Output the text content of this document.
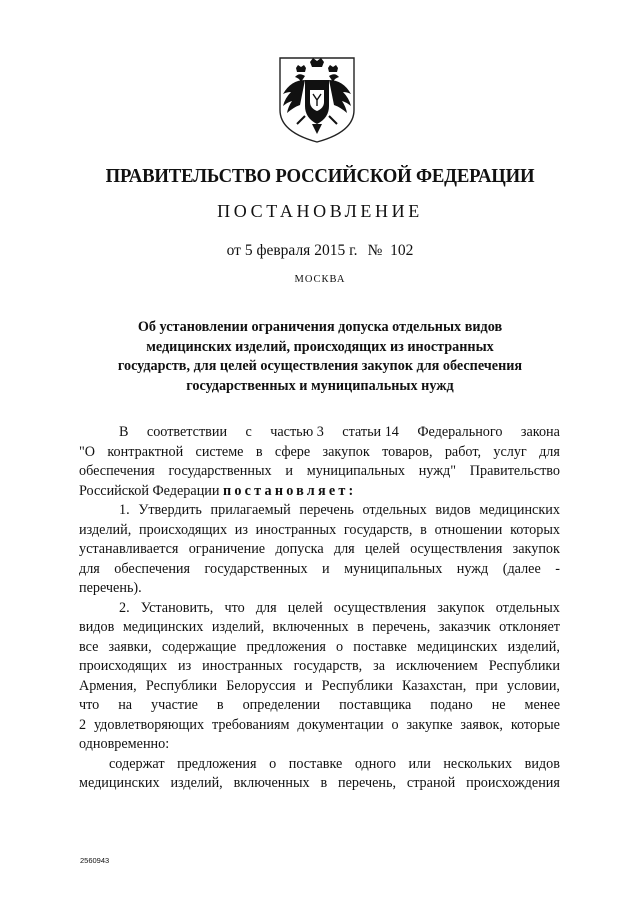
ПРАВИТЕЛЬСТВО РОССИЙСКОЙ ФЕДЕРАЦИИ
ПОСТАНОВЛЕНИЕ
от 5 февраля 2015 г. № 102
МОСКВА
Об установлении ограничения допуска отдельных видов
медицинских изделий, происходящих из иностранных
государств, для целей осуществления закупок для обеспечения
государственных и муниципальных нужд
В соответствии с частью 3 статьи 14 Федерального закона
"О контрактной системе в сфере закупок товаров, работ, услуг для
обеспечения государственных и муниципальных нужд" Правительство
Российской Федерации
постановляет:
1. Утвердить прилагаемый перечень отдельных видов медицинских
изделий, происходящих из иностранных государств, в отношении которых
устанавливается ограничение допуска для целей осуществления закупок
для обеспечения государственных и муниципальных нужд (далее -
перечень).
2. Установить, что для целей осуществления закупок отдельных
видов медицинских изделий, включенных в перечень, заказчик отклоняет
все заявки, содержащие предложения о поставке медицинских изделий,
происходящих из иностранных государств, за исключением Республики
Армения, Республики Белоруссия и Республики Казахстан, при условии,
что на участие в определении поставщика подано не менее
2 удовлетворяющих требованиям документации о закупке заявок, которые
одновременно:
содержат предложения о поставке одного или нескольких видов
медицинских изделий, включенных в перечень, страной происхождения
2560943
